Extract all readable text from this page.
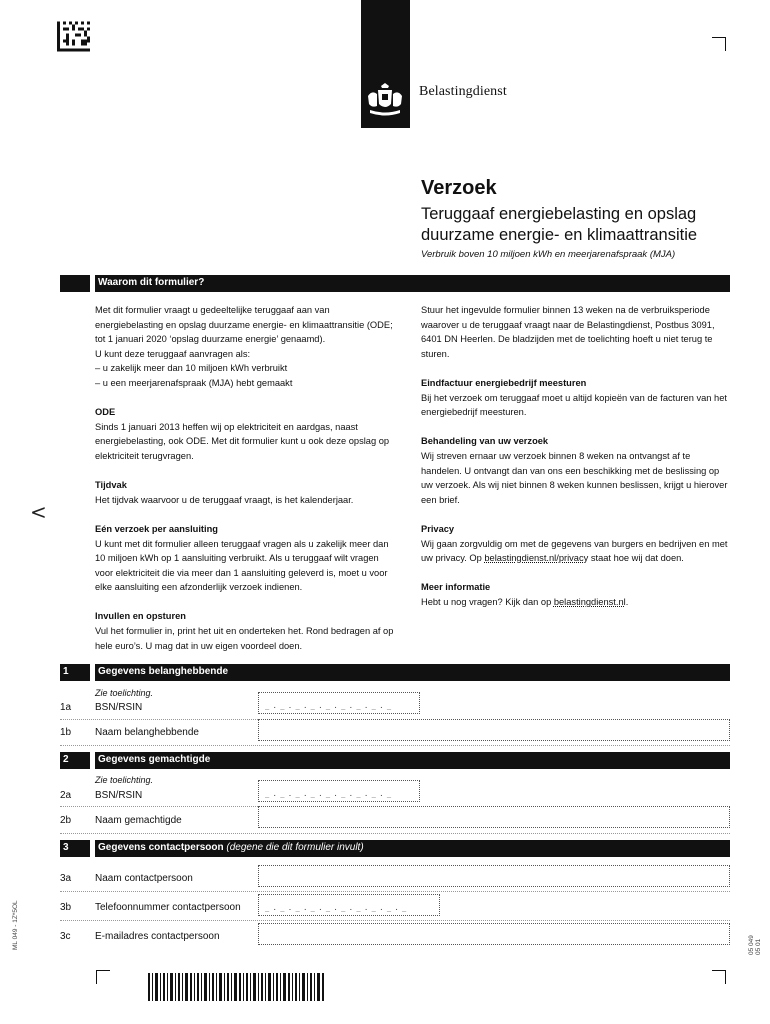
Belastingdienst
Verzoek
Teruggaaf energiebelasting en opslag duurzame energie- en klimaattransitie
Verbruik boven 10 miljoen kWh en meerjarenafspraak (MJA)
Waarom dit formulier?
Met dit formulier vraagt u gedeeltelijke teruggaaf aan van energiebelasting en opslag duurzame energie- en klimaattransitie (ODE; tot 1 januari 2020 ‘opslag duurzame energie’ genaamd).
U kunt deze teruggaaf aanvragen als:
– u zakelijk meer dan 10 miljoen kWh verbruikt
– u een meerjarenafspraak (MJA) hebt gemaakt
ODE

Sinds 1 januari 2013 heffen wij op elektriciteit en aardgas, naast energiebelasting, ook ODE. Met dit formulier kunt u ook deze opslag op elektriciteit terugvragen.

Tijdvak

Het tijdvak waarvoor u de teruggaaf vraagt, is het kalenderjaar.

Eén verzoek per aansluiting

U kunt met dit formulier alleen teruggaaf vragen als u zakelijk meer dan 10 miljoen kWh op 1 aansluiting verbruikt. Als u teruggaaf wilt vragen voor elektriciteit die via meer dan 1 aansluiting geleverd is, moet u voor elke aansluiting een afzonderlijk verzoek indienen.

Invullen en opsturen

Vul het formulier in, print het uit en onderteken het. Rond bedragen af op hele euro’s. U mag dat in uw eigen voordeel doen.

Stuur het ingevulde formulier binnen 13 weken na de verbruiksperiode waarover u de teruggaaf vraagt naar de Belastingdienst, Postbus 3091, 6401 DN Heerlen. De bladzijden met de toelichting hoeft u niet terug te sturen.

Eindfactuur energiebedrijf meesturen

Bij het verzoek om teruggaaf moet u altijd kopieën van de facturen van het energiebedrijf meesturen.

Behandeling van uw verzoek

Wij streven ernaar uw verzoek binnen 8 weken na ontvangst af te handelen. U ontvangt dan van ons een beschikking met de beslissing op uw verzoek. Als wij niet binnen 8 weken kunnen beslissen, krijgt u hierover een brief.

Privacy

Wij gaan zorgvuldig om met de gegevens van burgers en bedrijven en met uw privacy. Op belastingdienst.nl/privacy staat hoe wij dat doen.

Meer informatie

Hebt u nog vragen? Kijk dan op belastingdienst.nl.

<
1	Gegevens belanghebbende
Zie toelichting.
1a BSN/RSIN	_._._._._._._._._
1b Naam belanghebbende
2	Gegevens gemachtigde
Zie toelichting.
2a BSN/RSIN	_._._._._._._._._
2b Naam gemachtigde
3	Gegevens contactpersoon (degene die dit formulier invult)
3a Naam contactpersoon
3b Telefoonnummer contactpersoon	_._._._._._._._._._
3c E-mailadres contactpersoon
ML 049 - 1Z*5OL	05 049 05 01
